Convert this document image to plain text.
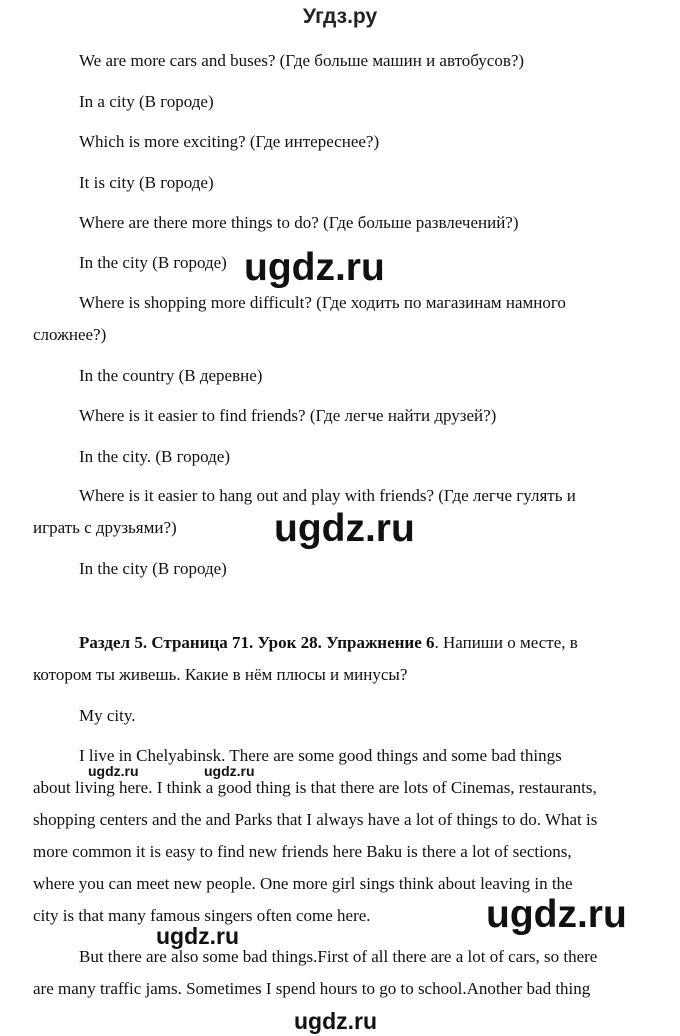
Угдз.ру
We are more cars and buses? (Где больше машин и автобусов?)
In a city (В городе)
Which is more exciting? (Где интереснее?)
It is city (В городе)
Where are there more things to do? (Где больше развлечений?)
In the city (В городе)
Where is shopping more difficult? (Где ходить по магазинам намного
сложнее?)
In the country (В деревне)
Where is it easier to find friends? (Где легче найти друзей?)
In the city. (В городе)
Where is it easier to hang out and play with friends? (Где легче гулять и
играть с друзьями?)
In the city (В городе)
Раздел 5. Страница 71. Урок 28. Упражнение 6. Напиши о месте, в
котором ты живешь. Какие в нём плюсы и минусы?
My city.
I live in Chelyabinsk. There are some good things and some bad things
about living here. I think a good thing is that there are lots of Cinemas, restaurants,
shopping centers and the and Parks that I always have a lot of things to do. What is
more common it is easy to find new friends here Baku is there a lot of sections,
where you can meet new people. One more girl sings think about leaving in the
city is that many famous singers often come here.
But there are also some bad things.First of all there are a lot of cars, so there
are many traffic jams. Sometimes I spend hours to go to school.Another bad thing
ugdz.ru
ugdz.ru
ugdz.ru
ugdz.ru
ugdz.ru
ugdz.ru	ugdz.ru
